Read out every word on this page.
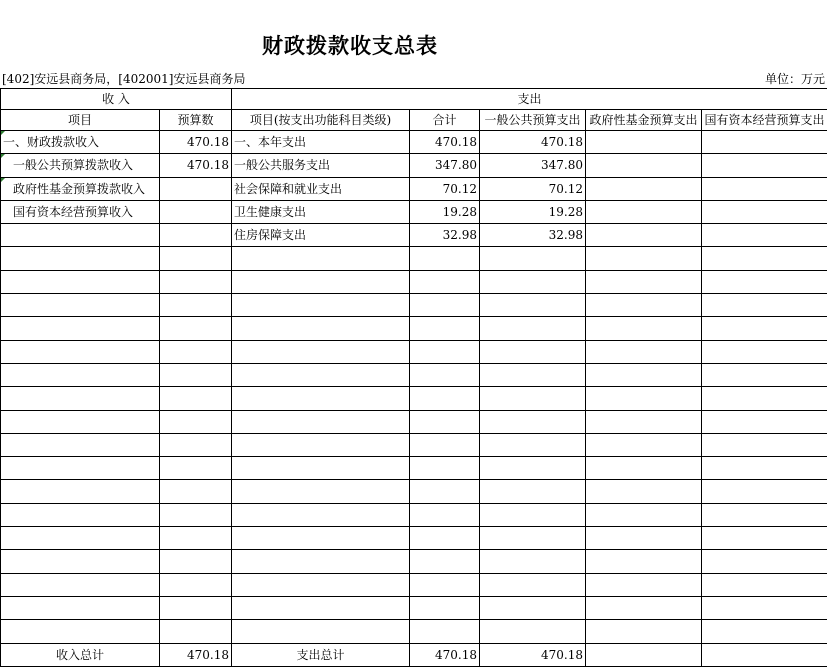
财政拨款收支总表
[402]安远县商务局，[402001]安远县商务局	单位：万元
收 入		支出				
项目	预算数	项目(按支出功能科目类级)	合计	一般公共预算支出	政府性基金预算支出	国有资本经营预算支出
一、财政拨款收入	470.18	一、本年支出	470.18	470.18		
一般公共预算拨款收入	470.18	一般公共服务支出	347.80	347.80		
政府性基金预算拨款收入		社会保障和就业支出	70.12	70.12		
国有资本经营预算收入		卫生健康支出	19.28	19.28		
		住房保障支出	32.98	32.98		

收入总计	470.18	支出总计	470.18	470.18		
